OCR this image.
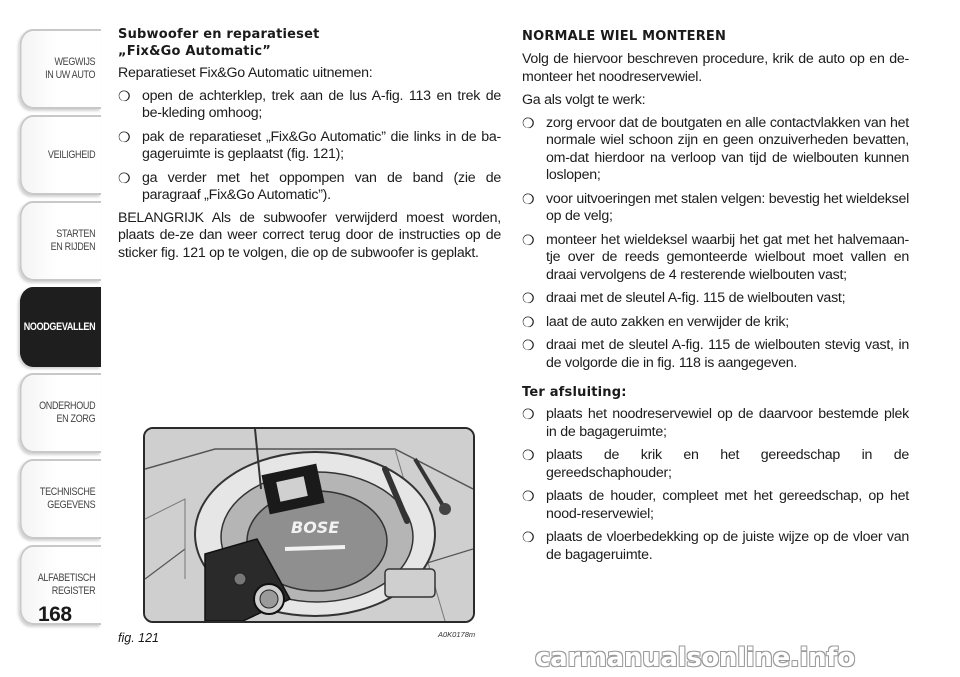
WEGWIJS
IN UW AUTO
VEILIGHEID
STARTEN
EN RIJDEN
NOODGEVALLEN
ONDERHOUD
EN ZORG
TECHNISCHE
GEGEVENS
ALFABETISCH
REGISTER
168
Subwoofer en reparatieset
„Fix&Go Automatic”

Reparatieset Fix&Go Automatic uitnemen:

❍ open de achterklep, trek aan de lus A-fig. 113 en trek de be-kleding omhoog;
❍ pak de reparatieset „Fix&Go Automatic” die links in de ba-gageruimte is geplaatst (fig. 121);
❍ ga verder met het oppompen van de band (zie de paragraaf „Fix&Go Automatic”).

BELANGRIJK Als de subwoofer verwijderd moest worden, plaats de-ze dan weer correct terug door de instructies op de sticker fig. 121 op te volgen, die op de subwoofer is geplakt.

BOSE
fig. 121	A0K0178m
NORMALE WIEL MONTEREN

Volg de hiervoor beschreven procedure, krik de auto op en de-monteer het noodreservewiel.

Ga als volgt te werk:

❍ zorg ervoor dat de boutgaten en alle contactvlakken van het normale wiel schoon zijn en geen onzuiverheden bevatten, om-dat hierdoor na verloop van tijd de wielbouten kunnen loslopen;
❍ voor uitvoeringen met stalen velgen: bevestig het wieldeksel op de velg;
❍ monteer het wieldeksel waarbij het gat met het halvemaan-tje over de reeds gemonteerde wielbout moet vallen en draai vervolgens de 4 resterende wielbouten vast;
❍ draai met de sleutel A-fig. 115 de wielbouten vast;
❍ laat de auto zakken en verwijder de krik;
❍ draai met de sleutel A-fig. 115 de wielbouten stevig vast, in de volgorde die in fig. 118 is aangegeven.
Ter afsluiting:
❍ plaats het noodreservewiel op de daarvoor bestemde plek in de bagageruimte;
❍ plaats de krik en het gereedschap in de gereedschaphouder;
❍ plaats de houder, compleet met het gereedschap, op het nood-reservewiel;
❍ plaats de vloerbedekking op de juiste wijze op de vloer van de bagageruimte.
carmanualsonline.info
